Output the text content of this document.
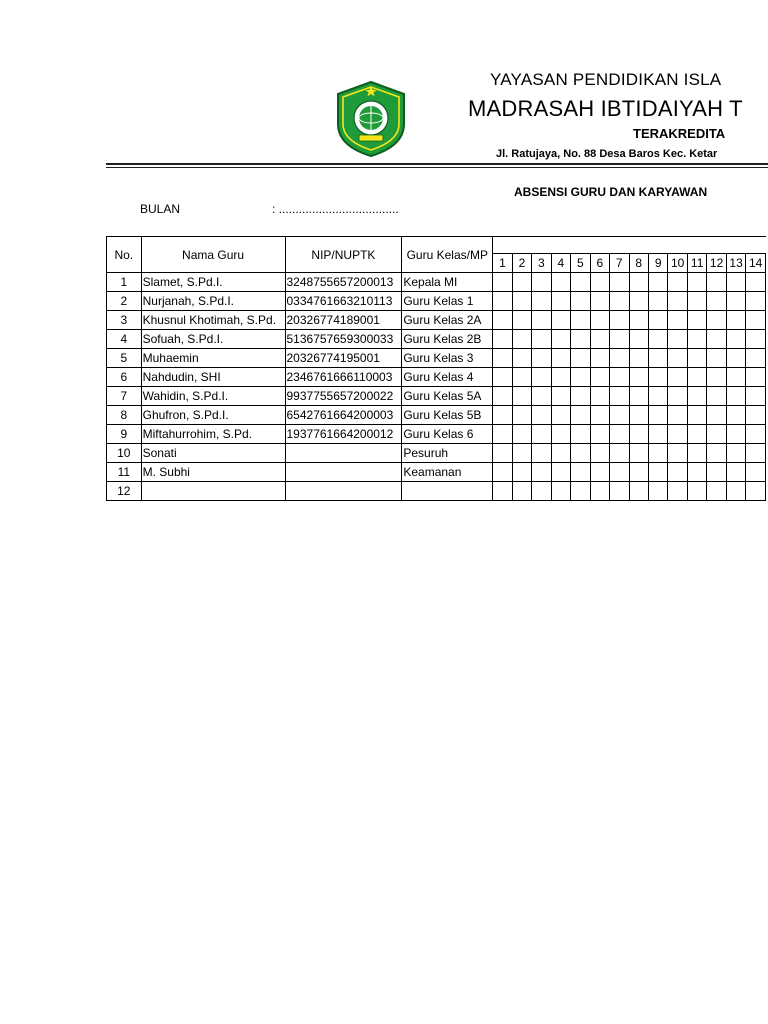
YAYASAN PENDIDIKAN ISLA
MADRASAH IBTIDAIYAH T
TERAKREDITA
Jl. Ratujaya, No. 88 Desa Baros Kec. Ketar
ABSENSI GURU DAN KARYAWAN
BULAN	: ....................................
No.	Nama Guru	NIP/NUPTK	Guru Kelas/MP														
				1	2	3	4	5	6	7	8	9	10	11	12	13	14
1	Slamet, S.Pd.I.	3248755657200013	Kepala MI														
2	Nurjanah, S.Pd.I.	0334761663210113	Guru Kelas 1														
3	Khusnul Khotimah, S.Pd.	20326774189001	Guru Kelas 2A														
4	Sofuah, S.Pd.I.	5136757659300033	Guru Kelas 2B														
5	Muhaemin	20326774195001	Guru Kelas 3														
6	Nahdudin, SHI	2346761666110003	Guru Kelas 4														
7	Wahidin, S.Pd.I.	9937755657200022	Guru Kelas 5A														
8	Ghufron, S.Pd.I.	6542761664200003	Guru Kelas 5B														
9	Miftahurrohim, S.Pd.	1937761664200012	Guru Kelas 6														
10	Sonati		Pesuruh														
11	M. Subhi		Keamanan														
12																	
